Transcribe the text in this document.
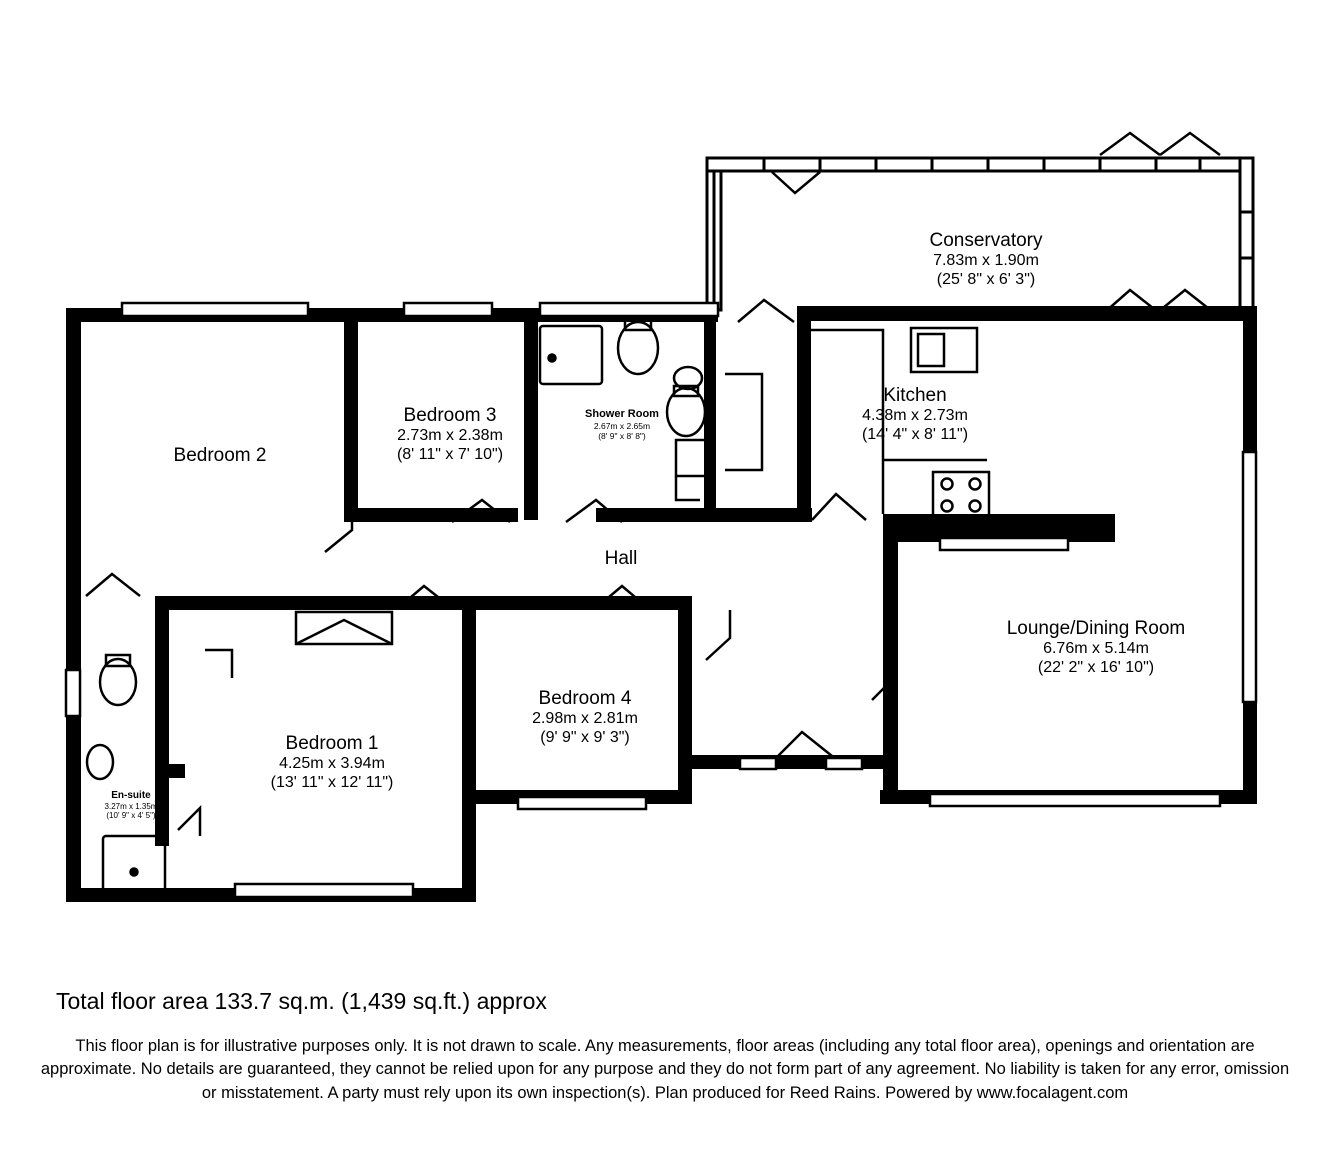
Bedroom 2
Bedroom 3
2.73m x 2.38m
(8' 11" x 7' 10")
Shower Room
2.67m x 2.65m
(8' 9" x 8' 8")
Kitchen
4.38m x 2.73m
(14' 4" x 8' 11")
Conservatory
7.83m x 1.90m
(25' 8" x 6' 3")
Hall
Lounge/Dining Room
6.76m x 5.14m
(22' 2" x 16' 10")
Bedroom 1
4.25m x 3.94m
(13' 11" x 12' 11")
Bedroom 4
2.98m x 2.81m
(9' 9" x 9' 3")
En-suite
3.27m x 1.35m
(10' 9" x 4' 5")
Total floor area 133.7 sq.m. (1,439 sq.ft.) approx
This floor plan is for illustrative purposes only. It is not drawn to scale. Any measurements, floor areas (including any total floor area), openings and orientation are approximate. No details are guaranteed, they cannot be relied upon for any purpose and they do not form part of any agreement. No liability is taken for any error, omission or misstatement. A party must rely upon its own inspection(s). Plan produced for Reed Rains. Powered by www.focalagent.com
